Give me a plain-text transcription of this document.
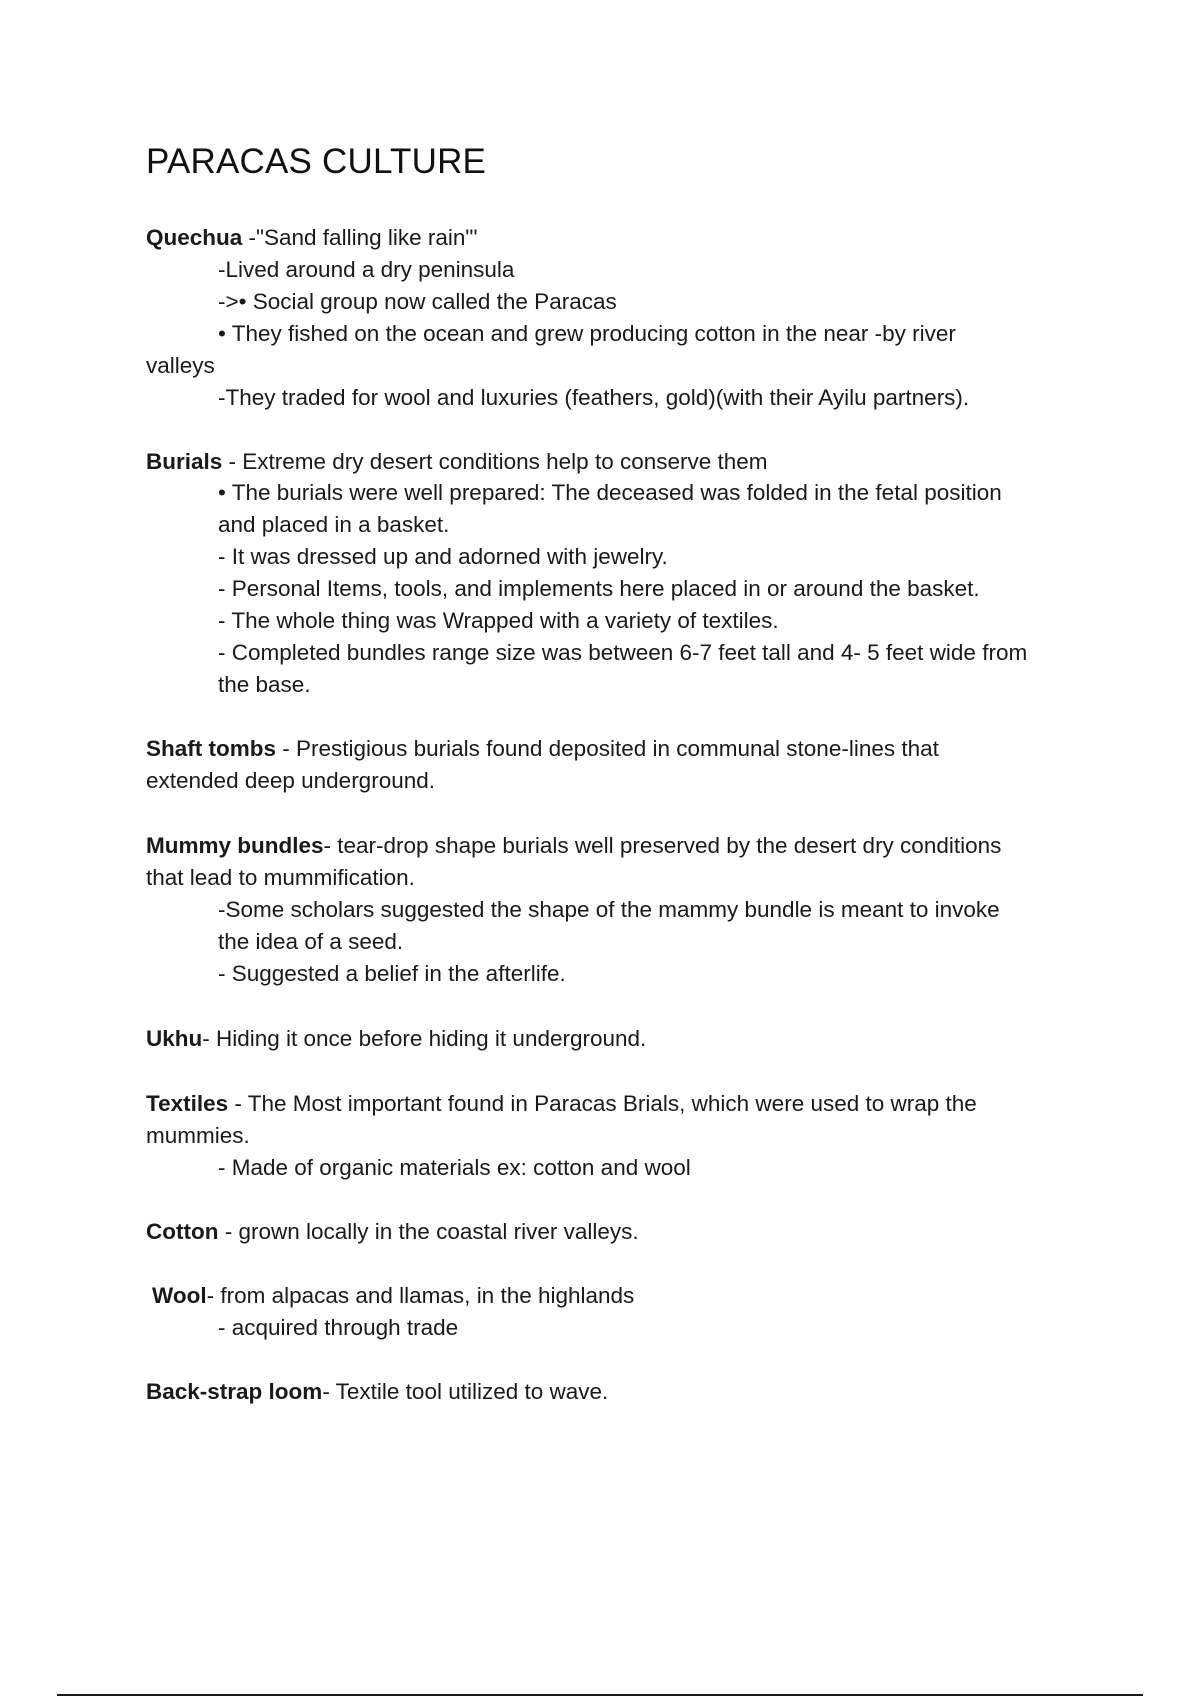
PARACAS CULTURE
Quechua -"Sand falling like rain"'
-Lived around a dry peninsula
->• Social group now called the Paracas
• They fished on the ocean and grew producing cotton in the near -by river
valleys
-They traded for wool and luxuries (feathers, gold)(with their Ayilu partners).
Burials - Extreme dry desert conditions help to conserve them
• The burials were well prepared: The deceased was folded in the fetal position
and placed in a basket.
- It was dressed up and adorned with jewelry.
- Personal Items, tools, and implements here placed in or around the basket.
- The whole thing was Wrapped with a variety of textiles.
- Completed bundles range size was between 6-7 feet tall and 4- 5 feet wide from
the base.
Shaft tombs - Prestigious burials found deposited in communal stone-lines that
extended deep underground.
Mummy bundles- tear-drop shape burials well preserved by the desert dry conditions
that lead to mummification.
-Some scholars suggested the shape of the mammy bundle is meant to invoke
the idea of a seed.
- Suggested a belief in the afterlife.
Ukhu- Hiding it once before hiding it underground.
Textiles - The Most important found in Paracas Brials, which were used to wrap the
mummies.
- Made of organic materials ex: cotton and wool
Cotton - grown locally in the coastal river valleys.
Wool- from alpacas and llamas, in the highlands
- acquired through trade
Back-strap loom- Textile tool utilized to wave.
